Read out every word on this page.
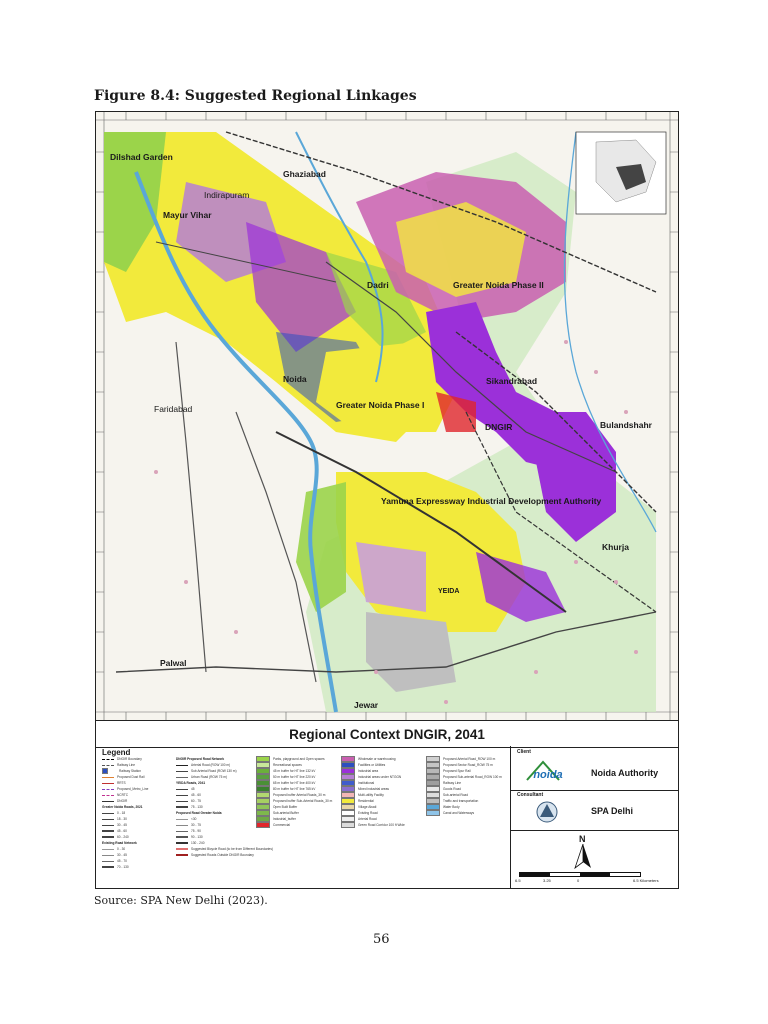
Figure 8.4: Suggested Regional Linkages
Dilshad Garden
Ghaziabad
Indirapuram
Mayur Vihar
Dadri	Greater Noida Phase II
Noida
Faridabad
Sikandrabad
Greater Noida Phase I
DNGIR	Bulandshahr
Yamuna Expressway Industrial Development Authority
Khurja
YEIDA
Palwal
Jewar
Regional Context DNGIR, 2041
Legend
DNGIR Boundary
Railway Line
Railway Station
Proposed Dust Rail
RRTS
Proposed_Metro_Line
NCRTC
DNGIR
Greater Noida Roads, 2021
0 - 18
18 - 30
30 - 45
45 - 60
60 - 240
Existing Road Network
0 - 30
30 - 45
45 - 70
70 - 130
DNGIR Proposed Road Network
Arterial Road (ROW 100 m)
Sub Arterial Road (ROW 130 m)
Urban Road (ROW 75 m)
YEIDA Roads, 2041
45
45 - 60
60 - 75
75 - 130
Proposed Road Greater Noida
<30
30 - 75
75 - 90
90 - 130
130 - 240
Suggested Bicycle Road (to be from Different Boundaries)
Suggested Roads Outside DNGIR Boundary
Parks, playground and Open spaces
Recreational spaces
45 m buffer for HT line 132 kV
50 m buffer for HT line 220 kV
65 m buffer for HT line 400 kV
80 m buffer for HT line 765 kV
Proposed buffer Arterial Roads_30 m
Proposed buffer Sub-Arterial Roads_30 m
Open Built Buffer
Sub-arterial Buffer
Industrial_buffer
Commercial
Wholesale or warehousing
Facilities or Utilities
Industrial area
Industrial areas under NTGGN
Institutional
Mixed industrial areas
Multi-utility Facility
Residential
Village Abadi
Existing Road
Arterial Road
Green Road Corridor 100 ft Wide
Proposed Arterial Road_ROW 100 m
Proposed Sector Road_ROW 75 m
Proposed Spur Rail
Proposed Sub-arterial Road_ROW 100 m
Railway Line
Goods Road
Sub-arterial Road
Traffic and transportation
Water Body
Canal and Waterways
Client
noida	Noida Authority
Consultant
SPA Delhi
N
6.5	3.25	0	6.5 Kilometers
Source: SPA New Delhi (2023).
56
